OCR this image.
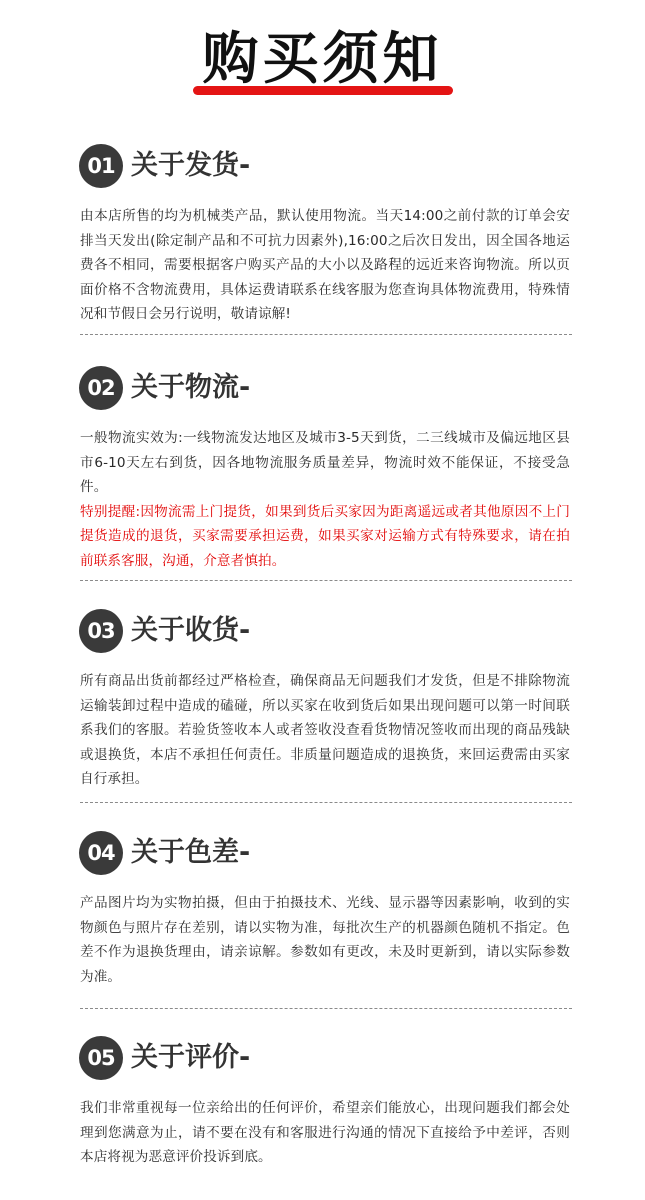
购买须知
01 关于发货-
由本店所售的均为机械类产品，默认使用物流。当天14:00之前付款的订单会安排当天发出(除定制产品和不可抗力因素外),16:00之后次日发出，因全国各地运费各不相同，需要根据客户购买产品的大小以及路程的远近来咨询物流。所以页面价格不含物流费用，具体运费请联系在线客服为您查询具体物流费用，特殊情况和节假日会另行说明，敬请谅解!
02 关于物流-
一般物流实效为:一线物流发达地区及城市3-5天到货，二三线城市及偏远地区县市6-10天左右到货，因各地物流服务质量差异，物流时效不能保证，不接受急件。
特别提醒:因物流需上门提货，如果到货后买家因为距离遥远或者其他原因不上门提货造成的退货，买家需要承担运费，如果买家对运输方式有特殊要求，请在拍前联系客服，沟通，介意者慎拍。
03 关于收货-
所有商品出货前都经过严格检查，确保商品无问题我们才发货，但是不排除物流运输装卸过程中造成的磕碰，所以买家在收到货后如果出现问题可以第一时间联系我们的客服。若验货签收本人或者签收没查看货物情况签收而出现的商品残缺或退换货，本店不承担任何责任。非质量问题造成的退换货，来回运费需由买家自行承担。
04 关于色差-
产品图片均为实物拍摄，但由于拍摄技术、光线、显示器等因素影响，收到的实物颜色与照片存在差别，请以实物为准，每批次生产的机器颜色随机不指定。色差不作为退换货理由，请亲谅解。参数如有更改，未及时更新到，请以实际参数为准。
05 关于评价-
我们非常重视每一位亲给出的任何评价，希望亲们能放心，出现问题我们都会处理到您满意为止，请不要在没有和客服进行沟通的情况下直接给予中差评，否则本店将视为恶意评价投诉到底。
